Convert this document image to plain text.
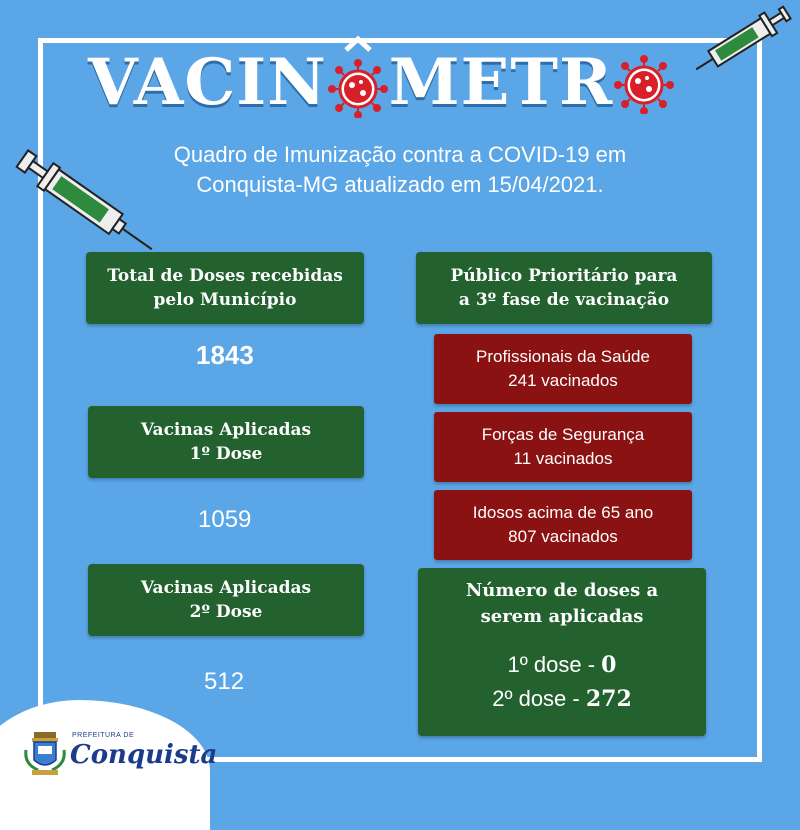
VACIN METR
Quadro de Imunização contra a COVID-19 em
Conquista-MG atualizado em 15/04/2021.
Total de Doses recebidas
pelo Município
1843
Vacinas Aplicadas
1º Dose
1059
Vacinas Aplicadas
2º Dose
512
Público Prioritário para
a 3º fase de vacinação
Profissionais da Saúde
241 vacinados
Forças de Segurança
11 vacinados
Idosos acima de 65 ano
807 vacinados
Número de doses a
serem aplicadas
1º dose - 0
2º dose - 272
PREFEITURA DE
Conquista
